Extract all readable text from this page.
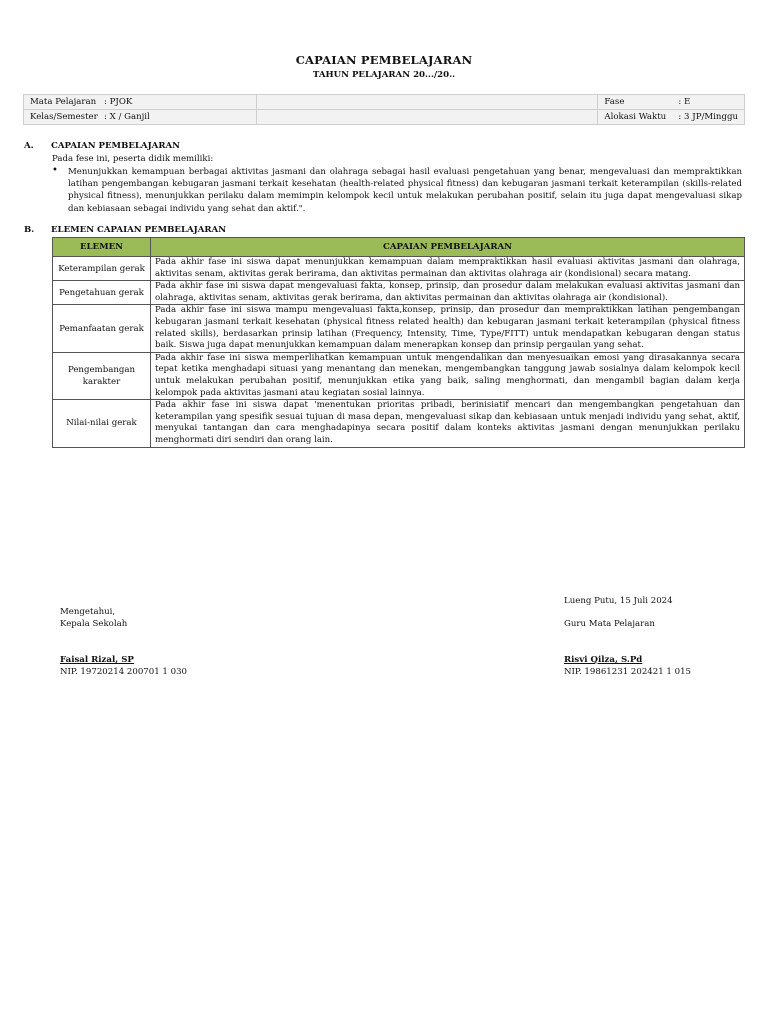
CAPAIAN PEMBELAJARAN
TAHUN PELAJARAN 20.../20..
Mata Pelajaran : PJOK		Fase : E
Kelas/Semester : X / Ganjil		Alokasi Waktu : 3 JP/Minggu
A. CAPAIAN PEMBELAJARAN
Pada fese ini, peserta didik memiliki:
• Menunjukkan kemampuan berbagai aktivitas jasmani dan olahraga sebagai hasil evaluasi pengetahuan yang benar, mengevaluasi dan mempraktikkan latihan pengembangan kebugaran jasmani terkait kesehatan (health-related physical fitness) dan kebugaran jasmani terkait keterampilan (skills-related physical fitness), menunjukkan perilaku dalam memimpin kelompok kecil untuk melakukan perubahan positif, selain itu juga dapat mengevaluasi sikap dan kebiasaan sebagai individu yang sehat dan aktif.".
B. ELEMEN CAPAIAN PEMBELAJARAN
ELEMEN	CAPAIAN PEMBELAJARAN
Keterampilan gerak	Pada akhir fase ini siswa dapat menunjukkan kemampuan dalam mempraktikkan hasil evaluasi aktivitas jasmani dan olahraga, aktivitas senam, aktivitas gerak berirama, dan aktivitas permainan dan aktivitas olahraga air (kondisional) secara matang.
Pengetahuan gerak	Pada akhir fase ini siswa dapat mengevaluasi fakta, konsep, prinsip, dan prosedur dalam melakukan evaluasi aktivitas jasmani dan olahraga, aktivitas senam, aktivitas gerak berirama, dan aktivitas permainan dan aktivitas olahraga air (kondisional).
Pemanfaatan gerak	Pada akhir fase ini siswa mampu mengevaluasi fakta,konsep, prinsip, dan prosedur dan mempraktikkan latihan pengembangan kebugaran jasmani terkait kesehatan (physical fitness related health) dan kebugaran jasmani terkait keterampilan (physical fitness related skills), berdasarkan prinsip latihan (Frequency, Intensity, Time, Type/FITT) untuk mendapatkan kebugaran dengan status baik. Siswa juga dapat menunjukkan kemampuan dalam menerapkan konsep dan prinsip pergaulan yang sehat.
Pengembangan karakter	Pada akhir fase ini siswa memperlihatkan kemampuan untuk mengendalikan dan menyesuaikan emosi yang dirasakannya secara tepat ketika menghadapi situasi yang menantang dan menekan, mengembangkan tanggung jawab sosialnya dalam kelompok kecil untuk melakukan perubahan positif, menunjukkan etika yang baik, saling menghormati, dan mengambil bagian dalam kerja kelompok pada aktivitas jasmani atau kegiatan sosial lainnya.
Nilai-nilai gerak	Pada akhir fase ini siswa dapat 'menentukan prioritas pribadi, berinisiatif mencari dan mengembangkan pengetahuan dan keterampilan yang spesifik sesuai tujuan di masa depan, mengevaluasi sikap dan kebiasaan untuk menjadi individu yang sehat, aktif, menyukai tantangan dan cara menghadapinya secara positif dalam konteks aktivitas jasmani dengan menunjukkan perilaku menghormati diri sendiri dan orang lain.
Lueng Putu, 15 Juli 2024
Mengetahui,
Kepala Sekolah	Guru Mata Pelajaran
Faisal Rizal, SP
NIP. 19720214 200701 1 030
Risvi Qilza, S.Pd
NIP. 19861231 202421 1 015
